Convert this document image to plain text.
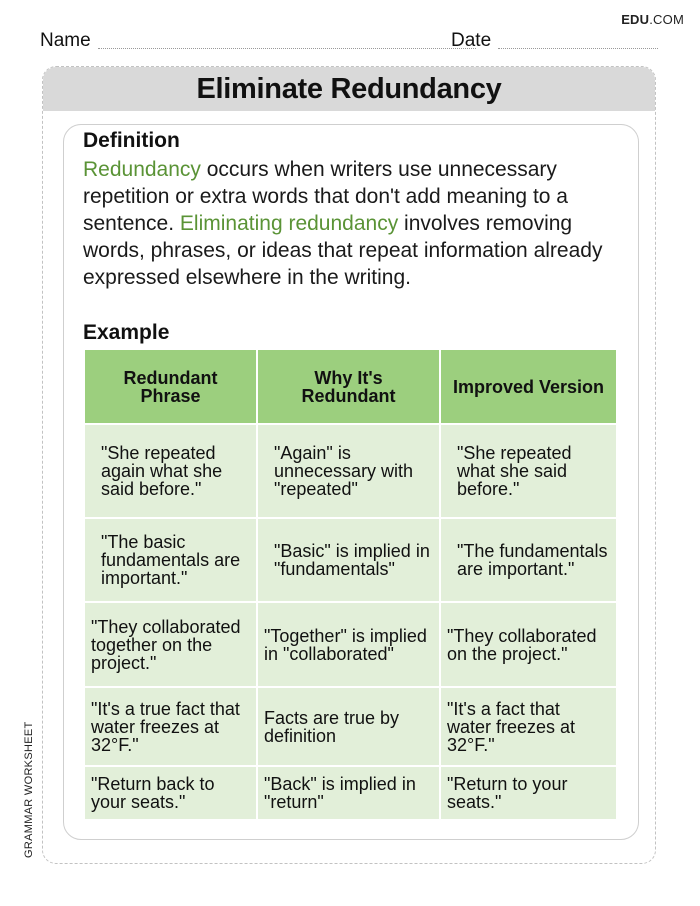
EDU.COM
Name	Date
GRAMMAR WORKSHEET
Eliminate Redundancy
Definition
Redundancy occurs when writers use unnecessary repetition or extra words that don't add meaning to a sentence. Eliminating redundancy involves removing words, phrases, or ideas that repeat information already expressed elsewhere in the writing.
Example
Redundant Phrase	Why It's Redundant	Improved Version
"She repeated again what she said before."	"Again" is unnecessary with "repeated"	"She repeated what she said before."
"The basic fundamentals are important."	"Basic" is implied in "fundamentals"	"The fundamentals are important."
"They collaborated together on the project."	"Together" is implied in "collaborated"	"They collaborated on the project."
"It's a true fact that water freezes at 32°F."	Facts are true by definition	"It's a fact that water freezes at 32°F."
"Return back to your seats."	"Back" is implied in "return"	"Return to your seats."
